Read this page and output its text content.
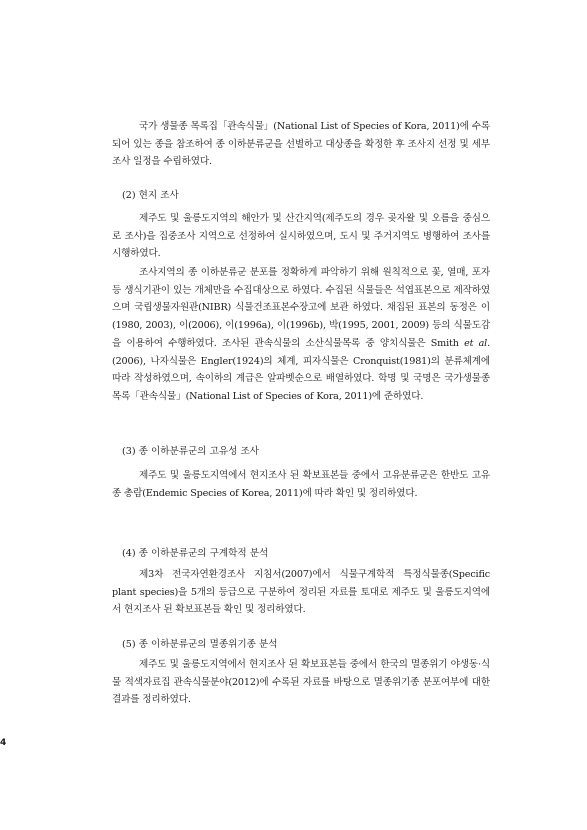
국가 생물종 목록집「관속식물」(National List of Species of Kora, 2011)에 수록되어 있는 종을 참조하여 종 이하분류군을 선별하고 대상종을 확정한 후 조사지 선정 및 세부 조사 일정을 수립하였다.

(2) 현지 조사

제주도 및 울릉도지역의 해안가 및 산간지역(제주도의 경우 곶자왈 및 오름을 중심으로 조사)을 집중조사 지역으로 선정하여 실시하였으며, 도시 및 주거지역도 병행하여 조사를 시행하였다.

조사지역의 종 이하분류군 분포를 정확하게 파악하기 위해 원칙적으로 꽃, 열매, 포자 등 생식기관이 있는 개체만을 수집대상으로 하였다. 수집된 식물들은 석엽표본으로 제작하였으며 국립생물자원관(NIBR) 식물건조표본수장고에 보관 하였다. 채집된 표본의 동정은 이(1980, 2003), 이(2006), 이(1996a), 이(1996b), 박(1995, 2001, 2009) 등의 식물도감을 이용하여 수행하였다. 조사된 관속식물의 소산식물목록 중 양치식물은 Smith et al.(2006), 나자식물은 Engler(1924)의 체계, 피자식물은 Cronquist(1981)의 분류체계에 따라 작성하였으며, 속이하의 계급은 알파벳순으로 배열하였다. 학명 및 국명은 국가생물종목록「관속식물」(National List of Species of Kora, 2011)에 준하였다.

(3) 종 이하분류군의 고유성 조사

제주도 및 울릉도지역에서 현지조사 된 확보표본들 중에서 고유분류군은 한반도 고유종 총람(Endemic Species of Korea, 2011)에 따라 확인 및 정리하였다.

(4) 종 이하분류군의 구계학적 분석

제3차 전국자연환경조사 지침서(2007)에서 식물구계학적 특정식물종(Specific plant species)을 5개의 등급으로 구분하여 정리된 자료를 토대로 제주도 및 울릉도지역에서 현지조사 된 확보표본들 확인 및 정리하였다.

(5) 종 이하분류군의 멸종위기종 분석

제주도 및 울릉도지역에서 현지조사 된 확보표본들 중에서 한국의 멸종위기 야생동·식물 적색자료집 관속식물분야(2012)에 수록된 자료를 바탕으로 멸종위기종 분포여부에 대한 결과를 정리하였다.

4
